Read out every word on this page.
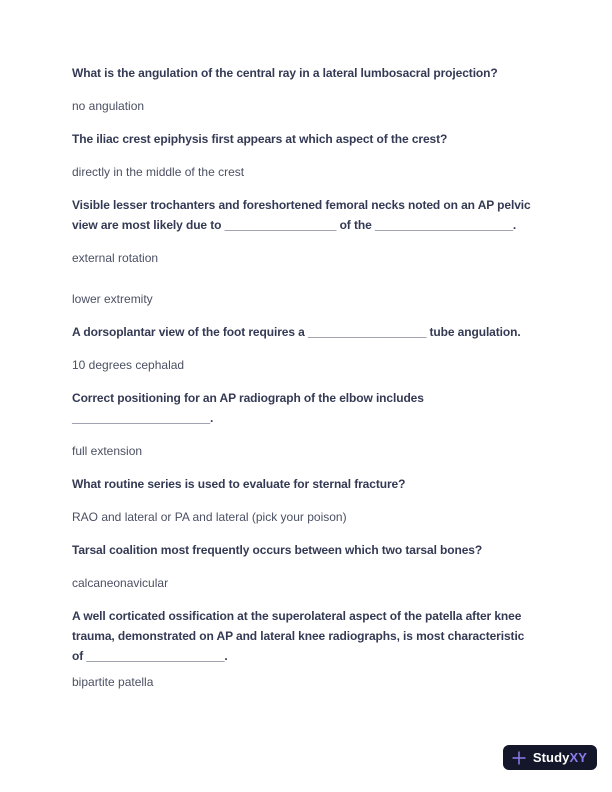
What is the angulation of the central ray in a lateral lumbosacral projection?
no angulation
The iliac crest epiphysis first appears at which aspect of the crest?
directly in the middle of the crest
Visible lesser trochanters and foreshortened femoral necks noted on an AP pelvic
view are most likely due to _________________ of the _____________________.
external rotation
lower extremity
A dorsoplantar view of the foot requires a __________________ tube angulation.
10 degrees cephalad
Correct positioning for an AP radiograph of the elbow includes
_____________________.
full extension
What routine series is used to evaluate for sternal fracture?
RAO and lateral or PA and lateral (pick your poison)
Tarsal coalition most frequently occurs between which two tarsal bones?
calcaneonavicular
A well corticated ossification at the superolateral aspect of the patella after knee
trauma, demonstrated on AP and lateral knee radiographs, is most characteristic
of _____________________.
bipartite patella
StudyXY
